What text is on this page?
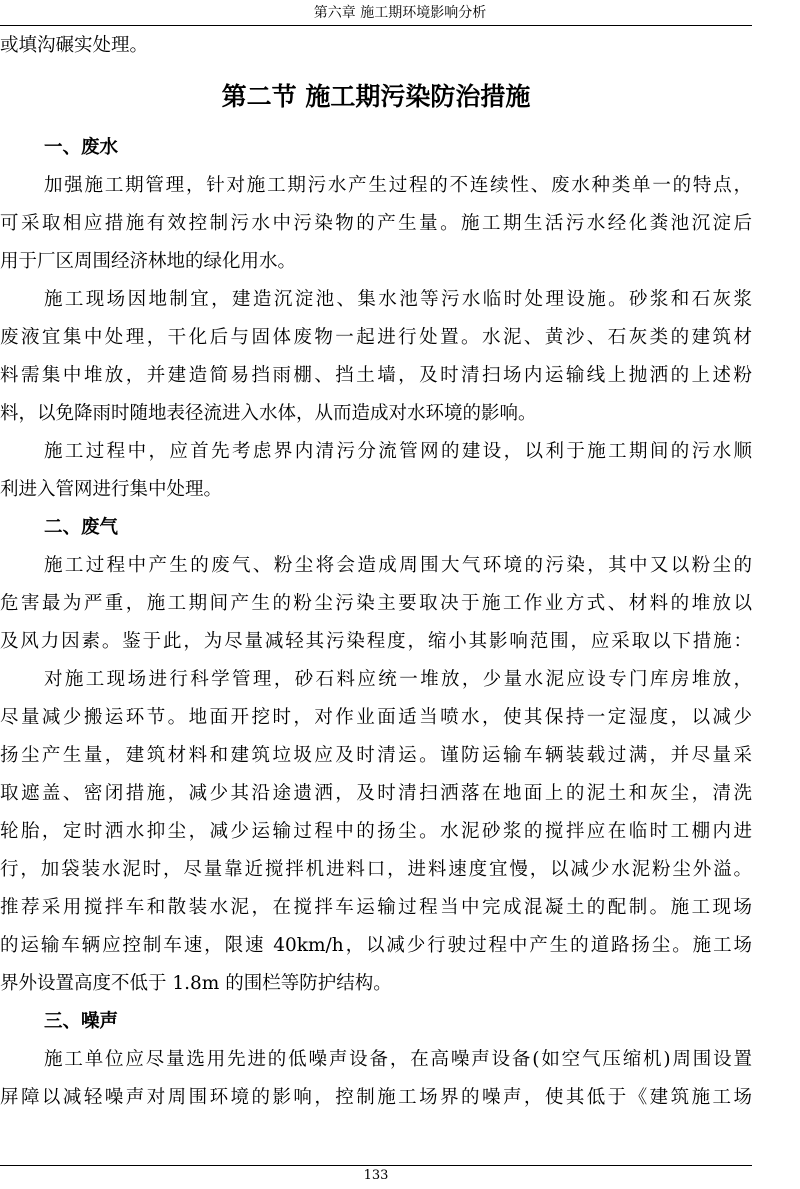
第六章 施工期环境影响分析
或填沟碾实处理。
第二节 施工期污染防治措施
一、废水
加强施工期管理，针对施工期污水产生过程的不连续性、废水种类单一的特点，
可采取相应措施有效控制污水中污染物的产生量。施工期生活污水经化粪池沉淀后
用于厂区周围经济林地的绿化用水。
施工现场因地制宜，建造沉淀池、集水池等污水临时处理设施。砂浆和石灰浆
废液宜集中处理，干化后与固体废物一起进行处置。水泥、黄沙、石灰类的建筑材
料需集中堆放，并建造简易挡雨棚、挡土墙，及时清扫场内运输线上抛洒的上述粉
料，以免降雨时随地表径流进入水体，从而造成对水环境的影响。
施工过程中，应首先考虑界内清污分流管网的建设，以利于施工期间的污水顺
利进入管网进行集中处理。
二、废气
施工过程中产生的废气、粉尘将会造成周围大气环境的污染，其中又以粉尘的
危害最为严重，施工期间产生的粉尘污染主要取决于施工作业方式、材料的堆放以
及风力因素。鉴于此，为尽量减轻其污染程度，缩小其影响范围，应采取以下措施：
对施工现场进行科学管理，砂石料应统一堆放，少量水泥应设专门库房堆放，
尽量减少搬运环节。地面开挖时，对作业面适当喷水，使其保持一定湿度，以减少
扬尘产生量，建筑材料和建筑垃圾应及时清运。谨防运输车辆装载过满，并尽量采
取遮盖、密闭措施，减少其沿途遗洒，及时清扫洒落在地面上的泥土和灰尘，清洗
轮胎，定时洒水抑尘，减少运输过程中的扬尘。水泥砂浆的搅拌应在临时工棚内进
行，加袋装水泥时，尽量靠近搅拌机进料口，进料速度宜慢，以减少水泥粉尘外溢。
推荐采用搅拌车和散装水泥，在搅拌车运输过程当中完成混凝土的配制。施工现场
的运输车辆应控制车速，限速 40km/h，以减少行驶过程中产生的道路扬尘。施工场
界外设置高度不低于 1.8m 的围栏等防护结构。
三、噪声
施工单位应尽量选用先进的低噪声设备，在高噪声设备(如空气压缩机)周围设置
屏障以减轻噪声对周围环境的影响，控制施工场界的噪声，使其低于《建筑施工场
133
